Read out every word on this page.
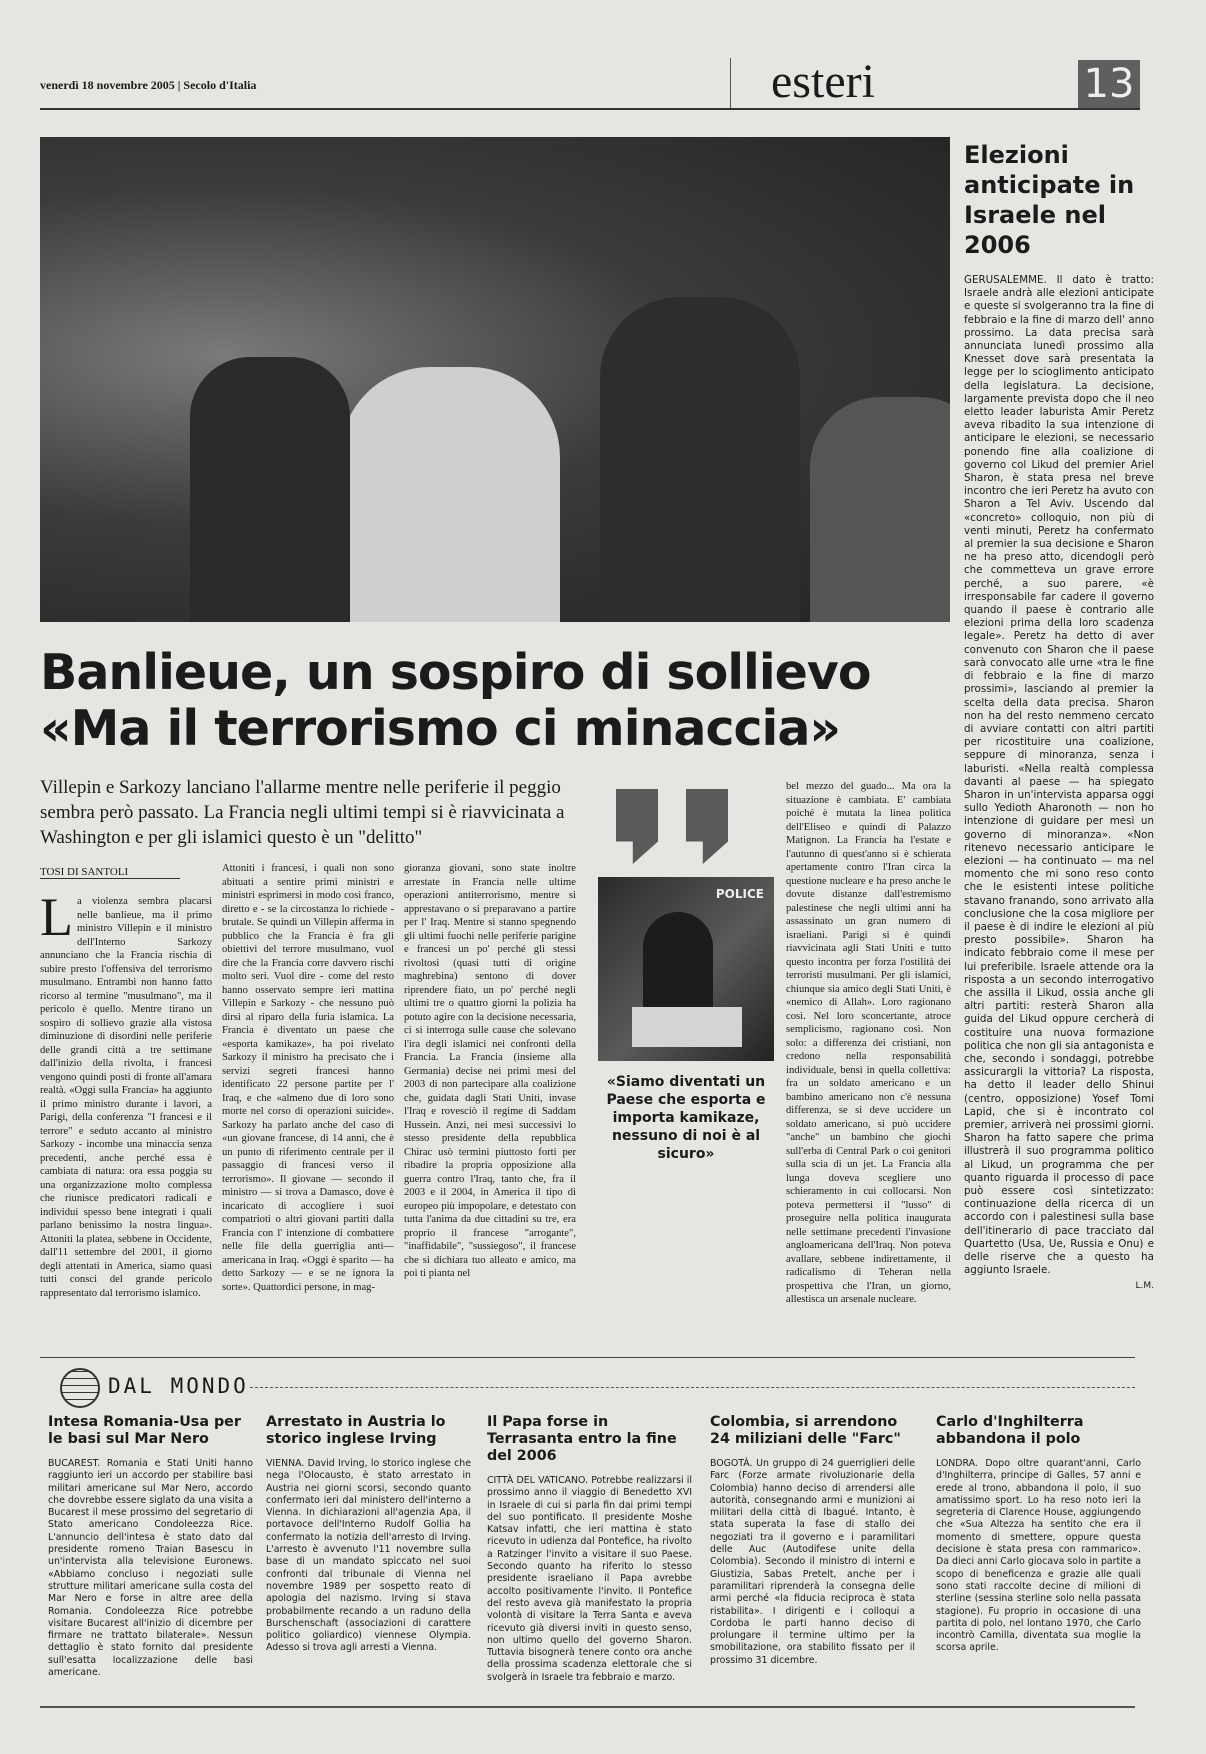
venerdì 18 novembre 2005 | Secolo d'Italia	esteri	13
Elezioni anticipate in Israele nel 2006
GERUSALEMME. Il dato è tratto: Israele andrà alle elezioni anticipate e queste si svolgeranno tra la fine di febbraio e la fine di marzo dell' anno prossimo. La data precisa sarà annunciata lunedì prossimo alla Knesset dove sarà presentata la legge per lo scioglimento anticipato della legislatura. La decisione, largamente prevista dopo che il neo eletto leader laburista Amir Peretz aveva ribadito la sua intenzione di anticipare le elezioni, se necessario ponendo fine alla coalizione di governo col Likud del premier Ariel Sharon, è stata presa nel breve incontro che ieri Peretz ha avuto con Sharon a Tel Aviv. Uscendo dal «concreto» colloquio, non più di venti minuti, Peretz ha confermato al premier la sua decisione e Sharon ne ha preso atto, dicendogli però che commetteva un grave errore perché, a suo parere, «è irresponsabile far cadere il governo quando il paese è contrario alle elezioni prima della loro scadenza legale». Peretz ha detto di aver convenuto con Sharon che il paese sarà convocato alle urne «tra le fine di febbraio e la fine di marzo prossimi», lasciando al premier la scelta della data precisa. Sharon non ha del resto nemmeno cercato di avviare contatti con altri partiti per ricostituire una coalizione, seppure di minoranza, senza i laburisti. «Nella realtà complessa davanti al paese — ha spiegato Sharon in un'intervista apparsa oggi sullo Yedioth Aharonoth — non ho intenzione di guidare per mesi un governo di minoranza». «Non ritenevo necessario anticipare le elezioni — ha continuato — ma nel momento che mi sono reso conto che le esistenti intese politiche stavano franando, sono arrivato alla conclusione che la cosa migliore per il paese è di indire le elezioni al più presto possibile». Sharon ha indicato febbraio come il mese per lui preferibile. Israele attende ora la risposta a un secondo interrogativo che assilla il Likud, ossia anche gli altri partiti: resterà Sharon alla guida del Likud oppure cercherà di costituire una nuova formazione politica che non gli sia antagonista e che, secondo i sondaggi, potrebbe assicurargli la vittoria? La risposta, ha detto il leader dello Shinui (centro, opposizione) Yosef Tomi Lapid, che si è incontrato col premier, arriverà nei prossimi giorni. Sharon ha fatto sapere che prima illustrerà il suo programma politico al Likud, un programma che per quanto riguarda il processo di pace può essere così sintetizzato: continuazione della ricerca di un accordo con i palestinesi sulla base dell'itinerario di pace tracciato dal Quartetto (Usa, Ue, Russia e Onu) e delle riserve che a questo ha aggiunto Israele.
L.M.
Banlieue, un sospiro di sollievo
«Ma il terrorismo ci minaccia»
Villepin e Sarkozy lanciano l'allarme mentre nelle periferie il peggio sembra però passato. La Francia negli ultimi tempi si è riavvicinata a Washington e per gli islamici questo è un "delitto"
TOSI DI SANTOLI
L a violenza sembra placarsi nelle banlieue, ma il primo ministro Villepin e il ministro dell'Interno Sarkozy annunciano che la Francia rischia di subire presto l'offensiva del terrorismo musulmano. Entrambi non hanno fatto ricorso al termine "musulmano", ma il pericolo è quello. Mentre tirano un sospiro di sollievo grazie alla vistosa diminuzione di disordini nelle periferie delle grandi città a tre settimane dall'inizio della rivolta, i francesi vengono quindi posti di fronte all'amara realtà. «Oggi sulla Francia» ha aggiunto il primo ministro durante i lavori, a Parigi, della conferenza "I francesi e il terrore" e seduto accanto al ministro Sarkozy - incombe una minaccia senza precedenti, anche perché essa è cambiata di natura: ora essa poggia su una organizzazione molto complessa che riunisce predicatori radicali e individui spesso bene integrati i quali parlano benissimo la nostra lingua». Attoniti la platea, sebbene in Occidente, dall'11 settembre del 2001, il giorno degli attentati in America, siamo quasi tutti consci del grande pericolo rappresentato dal terrorismo islamico.
Attoniti i francesi, i quali non sono abituati a sentire primi ministri e ministri esprimersi in modo così franco, diretto e - se la circostanza lo richiede - brutale. Se quindi un Villepin afferma in pubblico che la Francia è fra gli obiettivi del terrore musulmano, vuol dire che la Francia corre davvero rischi molto seri. Vuol dire - come del resto hanno osservato sempre ieri mattina Villepin e Sarkozy - che nessuno può dirsi al riparo della furia islamica. La Francia è diventato un paese che «esporta kamikaze», ha poi rivelato Sarkozy il ministro ha precisato che i servizi segreti francesi hanno identificato 22 persone partite per l' Iraq, e che «almeno due di loro sono morte nel corso di operazioni suicide». Sarkozy ha parlato anche del caso di «un giovane francese, di 14 anni, che è un punto di riferimento centrale per il passaggio di francesi verso il terrorismo». Il giovane — secondo il ministro — si trova a Damasco, dove è incaricato di accogliere i suoi compatrioti o altri giovani partiti dalla Francia con l' intenzione di combattere nelle file della guerriglia anti—americana in Iraq. «Oggi è sparito — ha detto Sarkozy — e se ne ignora la sorte». Quattordici persone, in mag-
gioranza giovani, sono state inoltre arrestate in Francia nelle ultime operazioni antiterrorismo, mentre si apprestavano o si preparavano a partire per l' Iraq. Mentre si stanno spegnendo gli ultimi fuochi nelle periferie parigine e francesi un po' perché gli stessi rivoltosi (quasi tutti di origine maghrebina) sentono di dover riprendere fiato, un po' perché negli ultimi tre o quattro giorni la polizia ha potuto agire con la decisione necessaria, ci si interroga sulle cause che solevano l'ira degli islamici nei confronti della Francia. La Francia (insieme alla Germania) decise nei primi mesi del 2003 di non partecipare alla coalizione che, guidata dagli Stati Uniti, invase l'Iraq e rovesciò il regime di Saddam Hussein. Anzi, nei mesi successivi lo stesso presidente della repubblica Chirac usò termini piuttosto forti per ribadire la propria opposizione alla guerra contro l'Iraq, tanto che, fra il 2003 e il 2004, in America il tipo di europeo più impopolare, e detestato con tutta l'anima da due cittadini su tre, era proprio il francese "arrogante", "inaffidabile", "sussiegoso", il francese che si dichiara tuo alleato e amico, ma poi ti pianta nel
bel mezzo del guado... Ma ora la situazione è cambiata. E' cambiata poiché è mutata la linea politica dell'Eliseo e quindi di Palazzo Matignon. La Francia ha l'estate e l'autunno di quest'anno si è schierata apertamente contro l'Iran circa la questione nucleare e ha preso anche le dovute distanze dall'estremismo palestinese che negli ultimi anni ha assassinato un gran numero di israeliani. Parigi si è quindi riavvicinata agli Stati Uniti e tutto questo incontra per forza l'ostilità dei terroristi musulmani. Per gli islamici, chiunque sia amico degli Stati Uniti, è «nemico di Allah». Loro ragionano così. Nel loro sconcertante, atroce semplicismo, ragionano così. Non solo: a differenza dei cristiani, non credono nella responsabilità individuale, bensì in quella collettiva: fra un soldato americano e un bambino americano non c'è nessuna differenza, se si deve uccidere un soldato americano, si può uccidere "anche" un bambino che giochi sull'erba di Central Park o coi genitori sulla scia di un jet. La Francia alla lunga doveva scegliere uno schieramento in cui collocarsi. Non poteva permettersi il "lusso" di proseguire nella politica inaugurata nelle settimane precedenti l'invasione angloamericana dell'Iraq. Non poteva avallare, sebbene indirettamente, il radicalismo di Teheran nella prospettiva che l'Iran, un giorno, allestisca un arsenale nucleare.
POLICE
«Siamo diventati un Paese che esporta e importa kamikaze, nessuno di noi è al sicuro»
DAL MONDO
Intesa Romania-Usa per le basi sul Mar Nero
BUCAREST. Romania e Stati Uniti hanno raggiunto ieri un accordo per stabilire basi militari americane sul Mar Nero, accordo che dovrebbe essere siglato da una visita a Bucarest il mese prossimo del segretario di Stato americano Condoleezza Rice. L'annuncio dell'intesa è stato dato dal presidente romeno Traian Basescu in un'intervista alla televisione Euronews. «Abbiamo concluso i negoziati sulle strutture militari americane sulla costa del Mar Nero e forse in altre aree della Romania. Condoleezza Rice potrebbe visitare Bucarest all'inizio di dicembre per firmare ne trattato bilaterale». Nessun dettaglio è stato fornito dal presidente sull'esatta localizzazione delle basi americane.
Arrestato in Austria lo storico inglese Irving
VIENNA. David Irving, lo storico inglese che nega l'Olocausto, è stato arrestato in Austria nei giorni scorsi, secondo quanto confermato ieri dal ministero dell'interno a Vienna. In dichiarazioni all'agenzia Apa, il portavoce dell'Interno Rudolf Gollia ha confermato la notizia dell'arresto di Irving. L'arresto è avvenuto l'11 novembre sulla base di un mandato spiccato nel suoi confronti dal tribunale di Vienna nel novembre 1989 per sospetto reato di apologia del nazismo. Irving si stava probabilmente recando a un raduno della Burschenschaft (associazioni di carattere politico goliardico) viennese Olympia. Adesso si trova agli arresti a Vienna.
Il Papa forse in Terrasanta entro la fine del 2006
CITTÀ DEL VATICANO. Potrebbe realizzarsi il prossimo anno il viaggio di Benedetto XVI in Israele di cui si parla fin dai primi tempi del suo pontificato. Il presidente Moshe Katsav infatti, che ieri mattina è stato ricevuto in udienza dal Pontefice, ha rivolto a Ratzinger l'invito a visitare il suo Paese. Secondo quanto ha riferito lo stesso presidente israeliano il Papa avrebbe accolto positivamente l'invito. Il Pontefice del resto aveva già manifestato la propria volontà di visitare la Terra Santa e aveva ricevuto già diversi inviti in questo senso, non ultimo quello del governo Sharon. Tuttavia bisognerà tenere conto ora anche della prossima scadenza elettorale che si svolgerà in Israele tra febbraio e marzo.
Colombia, si arrendono 24 miliziani delle "Farc"
BOGOTÀ. Un gruppo di 24 guerriglieri delle Farc (Forze armate rivoluzionarie della Colombia) hanno deciso di arrendersi alle autorità, consegnando armi e munizioni ai militari della città di Ibagué. Intanto, è stata superata la fase di stallo dei negoziati tra il governo e i paramilitari delle Auc (Autodifese unite della Colombia). Secondo il ministro di interni e Giustizia, Sabas Pretelt, anche per i paramilitari riprenderà la consegna delle armi perché «la fiducia reciproca è stata ristabilita». I dirigenti e i colloqui a Cordoba le parti hanno deciso di prolungare il termine ultimo per la smobilitazione, ora stabilito fissato per il prossimo 31 dicembre.
Carlo d'Inghilterra abbandona il polo
LONDRA. Dopo oltre quarant'anni, Carlo d'Inghilterra, principe di Galles, 57 anni e erede al trono, abbandona il polo, il suo amatissimo sport. Lo ha reso noto ieri la segreteria di Clarence House, aggiungendo che «Sua Altezza ha sentito che era il momento di smettere, oppure questa decisione è stata presa con rammarico». Da dieci anni Carlo giocava solo in partite a scopo di beneficenza e grazie alle quali sono stati raccolte decine di milioni di sterline (sessina sterline solo nella passata stagione). Fu proprio in occasione di una partita di polo, nel lontano 1970, che Carlo incontrò Camilla, diventata sua moglie la scorsa aprile.
